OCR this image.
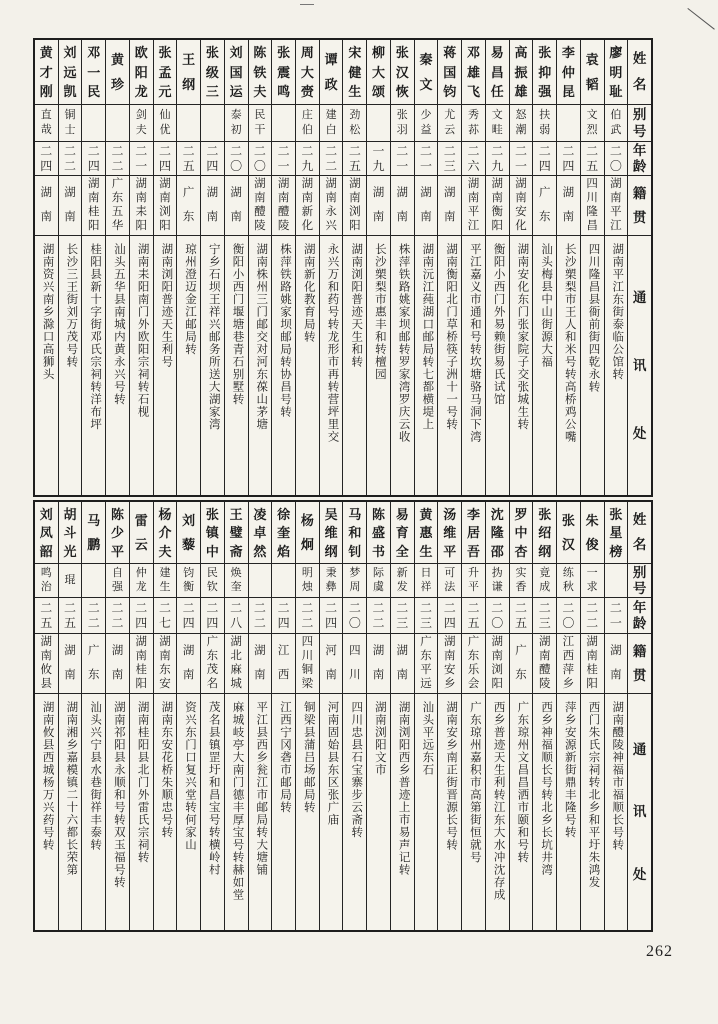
姓
名
别
号
年
龄
籍
贯
通
讯
处
廖
明
耻
伯
武
二
〇
湖
南
平
江
湖南平江东街泰临公馆转
袁
韬
文
烈
二
五
四
川
隆
昌
四川隆昌县衙前街四乾永转
李
仲
昆
二
四
湖
南
长沙槊梨市王人和米号转高桥鸡公嘴
张
抑
强
扶
弱
二
四
广
东
汕头梅县中山街源大福
高
振
雄
怒
潮
二
一
湖
南
安
化
湖南安化东门张家院子交张城生转
易
昌
任
文
畦
二
九
湖
南
衡
阳
衡阳小西门外易赖街易氏试馆
邓
雄
飞
秀
荪
二
六
湖
南
平
江
平江嘉义市通和号转坎塘骆马洞下湾
蒋
国
钧
尤
云
二
三
湖
南
湖南衡阳北门草桥筷子洲十一号转
秦
文
少
益
二
一
湖
南
湖南沅江莼湖口邮局转七都横堤上
张
汉
恢
张
羽
二
一
湖
南
株萍铁路姚家坝邮转罗家湾罗庆云收
柳
大
颂
一
九
湖
南
长沙槊梨市惠丰和转檀园
宋
健
生
劲
松
二
五
湖
南
浏
阳
湖南浏阳普迹天生和转
谭
政
建
白
二
二
湖
南
永
兴
永兴万和药号转龙形市再转营坪里交
周
大
赍
庄
伯
二
九
湖
南
新
化
湖南新化教育局转
张
震
鸣
二
一
湖
南
醴
陵
株萍铁路姚家坝邮局转协昌号转
陈
铁
夫
民
干
二
〇
湖
南
醴
陵
湖南株州三门邮交对河东葆山茅塘
刘
国
运
泰
初
二
〇
湖
南
衡阳小西门堰塘巷青石别墅转
张
级
三
二
四
湖
南
宁乡石坝王祥兴邮务所送大湖家湾
王
纲
二
五
广
东
琼州澄迈金江邮局转
张
孟
元
仙
优
二
四
湖
南
浏
阳
湖南浏阳普迹天生利号
欧
阳
龙
剑
夫
二
一
湖
南
耒
阳
湖南耒阳南门外欧阳宗祠转石枧
黄
珍
二
二
广
东
五
华
汕头五华县南城内黄永兴号转
邓
一
民
二
四
湖
南
桂
阳
桂阳县新十字街邓氏宗祠转洋布坪
刘
远
凯
铜
士
二
二
湖
南
长沙三王街刘万茂号转
黄
才
刚
直
哉
二
四
湖
南
湖南资兴南乡滁口高狮头
姓
名
别
号
年
龄
籍
贯
通
讯
处
张
星
榜
二
一
湖
南
湖南醴陵神福市福顺长号转
朱
俊
一
求
二
二
湖
南
桂
阳
西门朱氏宗祠转北乡和平圩朱鸿发
张
汉
练
秋
二
〇
江
西
萍
乡
萍乡安源新街鼎丰隆号转
张
绍
纲
竟
成
二
三
湖
南
醴
陵
西乡神福顺长号转北乡长坑井湾
罗
中
杏
实
香
二
五
广
东
广东琼州文昌昌洒市颐和号转
沈
隆
邵
㧑
谦
二
〇
湖
南
浏
阳
西乡普迹天生利转江东大水冲沈存成
李
居
吾
升
平
二
五
广
东
乐
会
广东琼州嘉积市高第街恒就号
汤
维
平
可
法
二
四
湖
南
安
乡
湖南安乡南正街晋源长号转
黄
惠
生
日
祥
二
三
广
东
平
远
汕头平远东石
易
育
全
新
发
二
三
湖
南
湖南浏阳西乡普迹上市易声记转
陈
盛
书
际
虞
二
二
湖
南
湖南浏阳文市
马
和
钊
梦
周
二
〇
四
川
四川忠县石宝寨步云斋转
吴
维
纲
秉
彝
二
四
河
南
河南固始县东区张广庙
杨
炯
明
烛
二
二
四
川
铜
梁
铜梁县蒲吕场邮局转
徐
奎
焰
二
四
江
西
江西宁冈砻市邮局转
凌
卓
然
二
二
湖
南
平江县西乡瓮江市邮局转大塘铺
王
璧
斋
焕
奎
二
八
湖
北
麻
城
麻城岐亭大南门德丰厚宝号转赫如堂
张
镇
中
民
钦
二
四
广
东
茂
名
茂名县镇罡圩和昌宝号转横岭村
刘
藜
钧
衡
二
四
湖
南
资兴东门口复兴堂转何家山
杨
介
夫
建
生
二
七
湖
南
东
安
湖南东安花桥朱顺忠号转
雷
云
仲
龙
二
四
湖
南
桂
阳
湖南桂阳县北门外雷氏宗祠转
陈
少
平
自
强
二
二
湖
南
湖南祁阳县永顺和号转双玉福号转
马
鹏
二
二
广
东
汕头兴宁县水巷街祥丰泰转
胡
斗
光
琨
二
五
湖
南
湖南湘乡嘉模镇二十六都长荣第
刘
凤
韶
鸣
治
二
五
湖
南
攸
县
湖南攸县西城杨万兴药号转
262
